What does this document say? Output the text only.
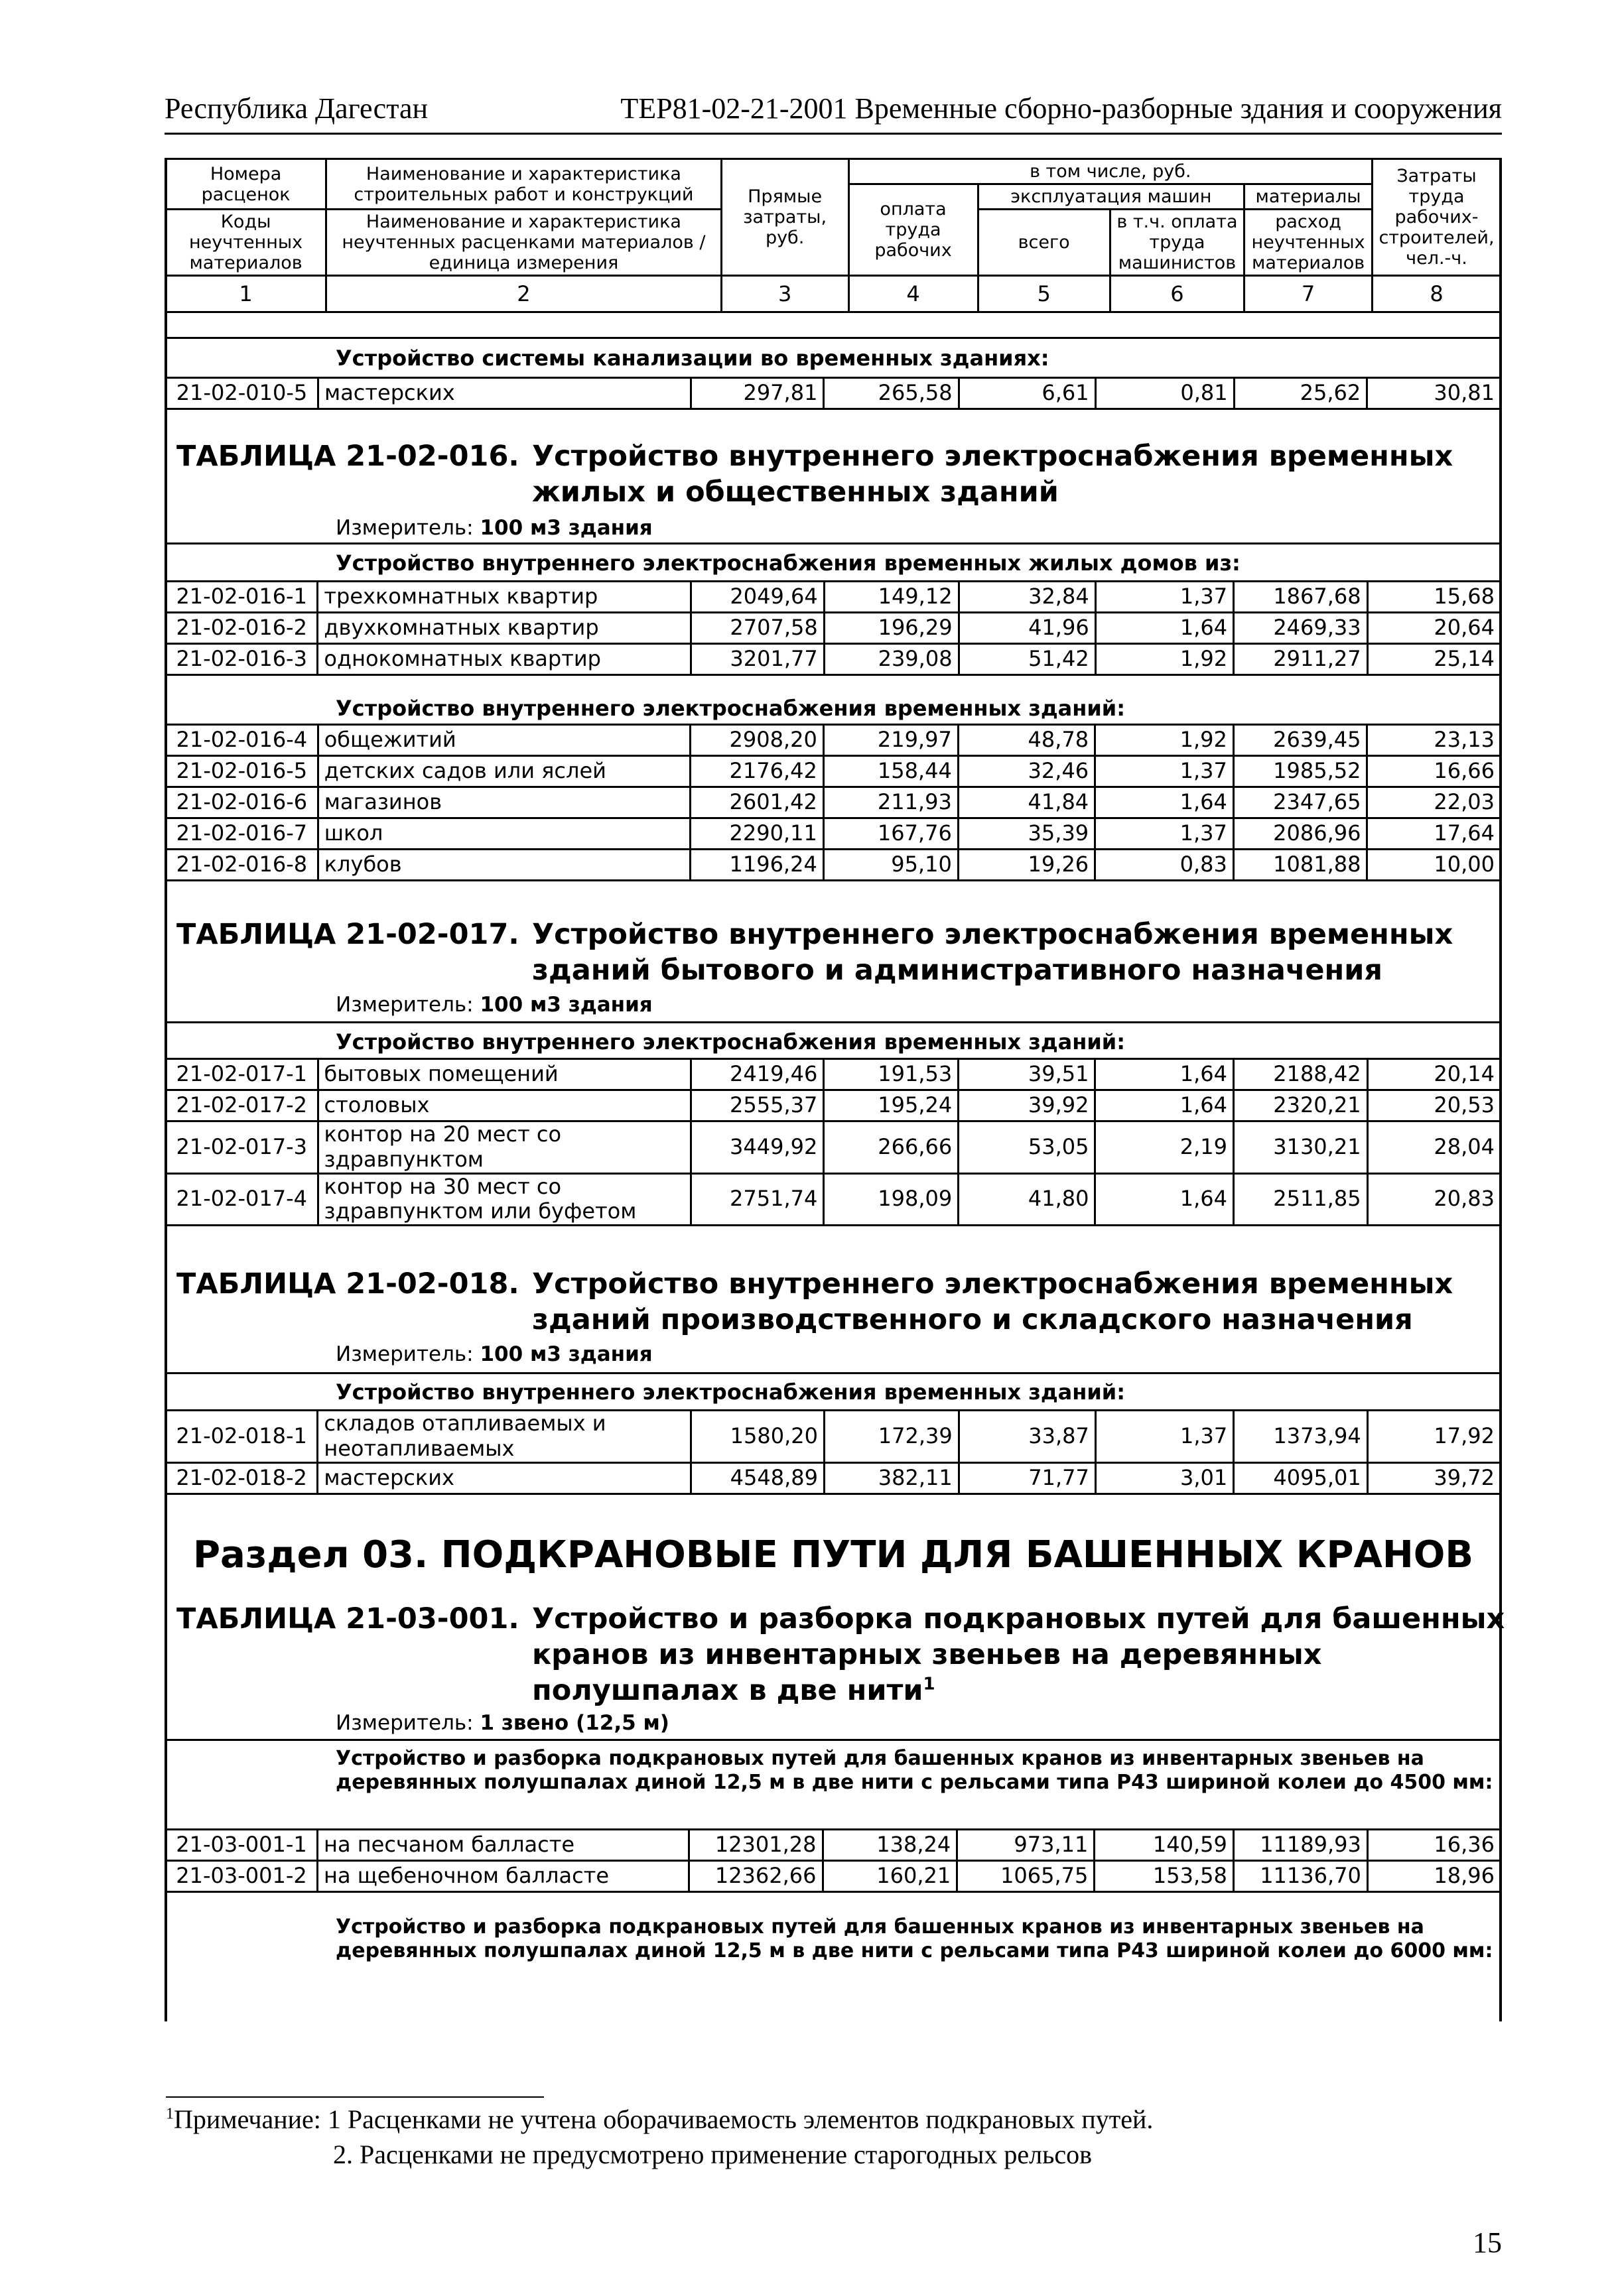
Республика Дагестан	ТЕР81-02-21-2001 Временные сборно-разборные здания и сооружения
Номера расценок	Наименование и характеристика строительных работ и конструкций	Прямые затраты, руб.	в том числе, руб.				Затраты труда рабочих-строителей, чел.-ч.
			оплата труда рабочих	эксплуатация машин		материалы	
Коды неучтенных материалов	Наименование и характеристика неучтенных расценками материалов / единица измерения			всего	в т.ч. оплата труда машинистов	расход неучтенных материалов	

1	2	3	4	5	6	7	8
Устройство системы канализации во временных зданиях:
21-02-010-5	мастерских	297,81	265,58	6,61	0,81	25,62	30,81
ТАБЛИЦА 21-02-016. Устройство внутреннего электроснабжения временных жилых и общественных зданий
Измеритель: 100 м3 здания
Устройство внутреннего электроснабжения временных жилых домов из:
21-02-016-1	трехкомнатных квартир	2049,64	149,12	32,84	1,37	1867,68	15,68
21-02-016-2	двухкомнатных квартир	2707,58	196,29	41,96	1,64	2469,33	20,64
21-02-016-3	однокомнатных квартир	3201,77	239,08	51,42	1,92	2911,27	25,14
Устройство внутреннего электроснабжения временных зданий:
21-02-016-4	общежитий	2908,20	219,97	48,78	1,92	2639,45	23,13
21-02-016-5	детских садов или яслей	2176,42	158,44	32,46	1,37	1985,52	16,66
21-02-016-6	магазинов	2601,42	211,93	41,84	1,64	2347,65	22,03
21-02-016-7	школ	2290,11	167,76	35,39	1,37	2086,96	17,64
21-02-016-8	клубов	1196,24	95,10	19,26	0,83	1081,88	10,00
ТАБЛИЦА 21-02-017. Устройство внутреннего электроснабжения временных зданий бытового и административного назначения
Измеритель: 100 м3 здания
Устройство внутреннего электроснабжения временных зданий:
21-02-017-1	бытовых помещений	2419,46	191,53	39,51	1,64	2188,42	20,14
21-02-017-2	столовых	2555,37	195,24	39,92	1,64	2320,21	20,53
21-02-017-3	контор на 20 мест со здравпунктом	3449,92	266,66	53,05	2,19	3130,21	28,04
21-02-017-4	контор на 30 мест со здравпунктом или буфетом	2751,74	198,09	41,80	1,64	2511,85	20,83
ТАБЛИЦА 21-02-018. Устройство внутреннего электроснабжения временных зданий производственного и складского назначения
Измеритель: 100 м3 здания
Устройство внутреннего электроснабжения временных зданий:
21-02-018-1	складов отапливаемых и неотапливаемых	1580,20	172,39	33,87	1,37	1373,94	17,92
21-02-018-2	мастерских	4548,89	382,11	71,77	3,01	4095,01	39,72
Раздел 03. ПОДКРАНОВЫЕ ПУТИ ДЛЯ БАШЕННЫХ КРАНОВ
ТАБЛИЦА 21-03-001. Устройство и разборка подкрановых путей для башенных кранов из инвентарных звеньев на деревянных полушпалах в две нити$^1$
Измеритель: 1 звено (12,5 м)
Устройство и разборка подкрановых путей для башенных кранов из инвентарных звеньев на деревянных полушпалах диной 12,5 м в две нити с рельсами типа Р43 шириной колеи до 4500 мм:
21-03-001-1	на песчаном балласте	12301,28	138,24	973,11	140,59	11189,93	16,36
21-03-001-2	на щебеночном балласте	12362,66	160,21	1065,75	153,58	11136,70	18,96
Устройство и разборка подкрановых путей для башенных кранов из инвентарных звеньев на деревянных полушпалах диной 12,5 м в две нити с рельсами типа Р43 шириной колеи до 6000 мм:
$^1$Примечание: 1 Расценками не учтена оборачиваемость элементов подкрановых путей.
2. Расценками не предусмотрено применение старогодных рельсов
15
